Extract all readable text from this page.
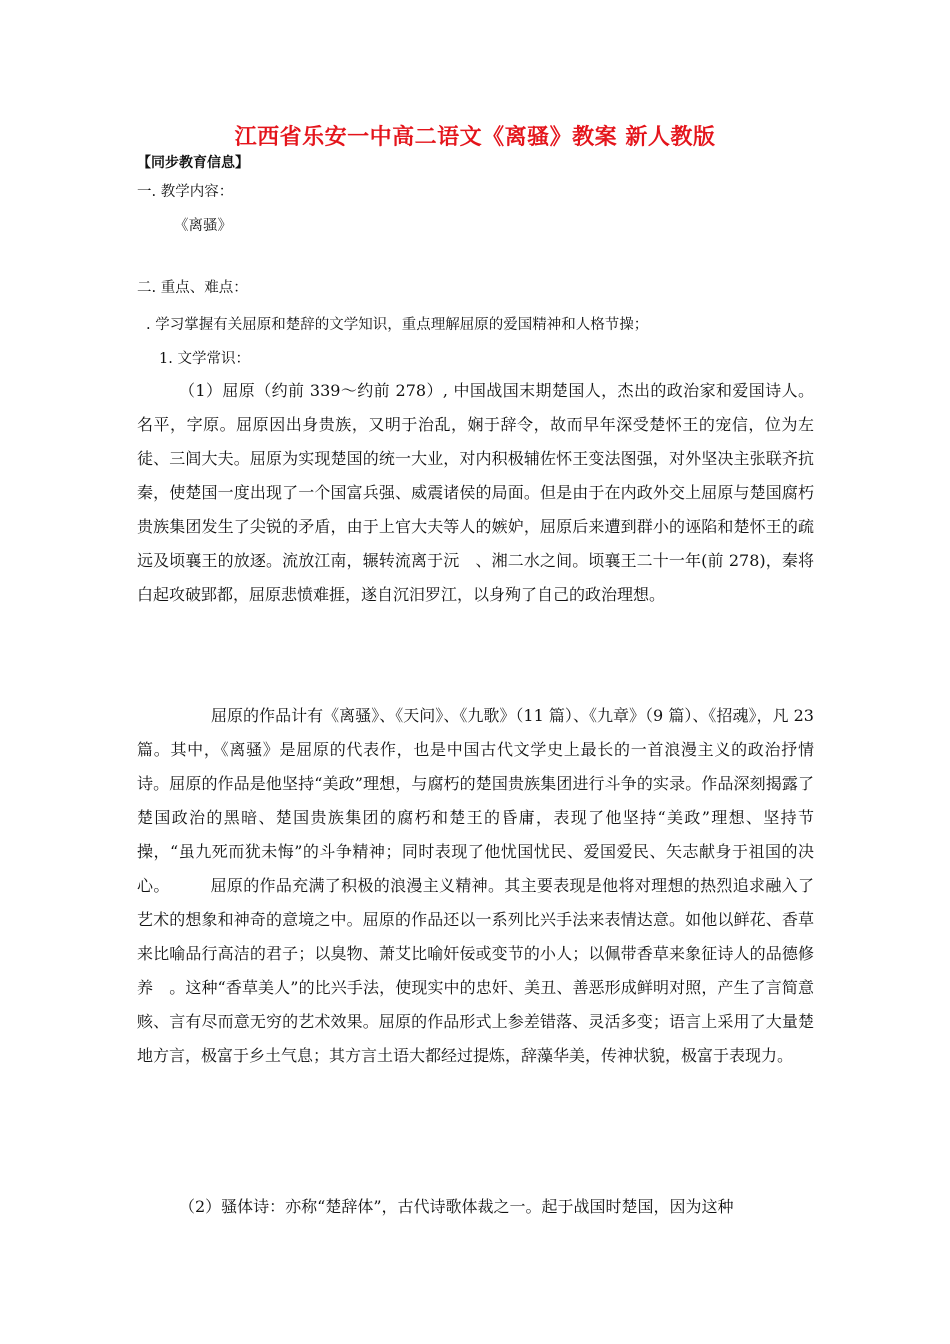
江西省乐安一中高二语文《离骚》教案 新人教版
【同步教育信息】
一. 教学内容：
《离骚》
二. 重点、难点：
. 学习掌握有关屈原和楚辞的文学知识，重点理解屈原的爱国精神和人格节操；
1. 文学常识：
（1）屈原（约前 339～约前 278）, 中国战国末期楚国人，杰出的政治家和爱国诗人。名平，字原。屈原因出身贵族，又明于治乱，娴于辞令，故而早年深受楚怀王的宠信，位为左徒、三闾大夫。屈原为实现楚国的统一大业，对内积极辅佐怀王变法图强，对外坚决主张联齐抗秦，使楚国一度出现了一个国富兵强、威震诸侯的局面。但是由于在内政外交上屈原与楚国腐朽贵族集团发生了尖锐的矛盾，由于上官大夫等人的嫉妒，屈原后来遭到群小的诬陷和楚怀王的疏远及顷襄王的放逐。流放江南，辗转流离于沅　、湘二水之间。顷襄王二十一年(前 278)，秦将白起攻破郢都，屈原悲愤难捱，遂自沉汨罗江，以身殉了自己的政治理想。
屈原的作品计有《离骚》、《天问》、《九歌》（11 篇）、《九章》（9 篇）、《招魂》，凡 23 篇。其中，《离骚》是屈原的代表作，也是中国古代文学史上最长的一首浪漫主义的政治抒情诗。屈原的作品是他坚持“美政”理想，与腐朽的楚国贵族集团进行斗争的实录。作品深刻揭露了楚国政治的黑暗、楚国贵族集团的腐朽和楚王的昏庸，表现了他坚持“美政”理想、坚持节操，“虽九死而犹未悔”的斗争精神；同时表现了他忧国忧民、爱国爱民、矢志献身于祖国的决心。　　　屈原的作品充满了积极的浪漫主义精神。其主要表现是他将对理想的热烈追求融入了艺术的想象和神奇的意境之中。屈原的作品还以一系列比兴手法来表情达意。如他以鲜花、香草来比喻品行高洁的君子；以臭物、萧艾比喻奸佞或变节的小人；以佩带香草来象征诗人的品德修养　。这种“香草美人”的比兴手法，使现实中的忠奸、美丑、善恶形成鲜明对照，产生了言简意赅、言有尽而意无穷的艺术效果。屈原的作品形式上参差错落、灵活多变；语言上采用了大量楚地方言，极富于乡土气息；其方言土语大都经过提炼，辞藻华美，传神状貌，极富于表现力。
（2）骚体诗：亦称“楚辞体”，古代诗歌体裁之一。起于战国时楚国，因为这种
